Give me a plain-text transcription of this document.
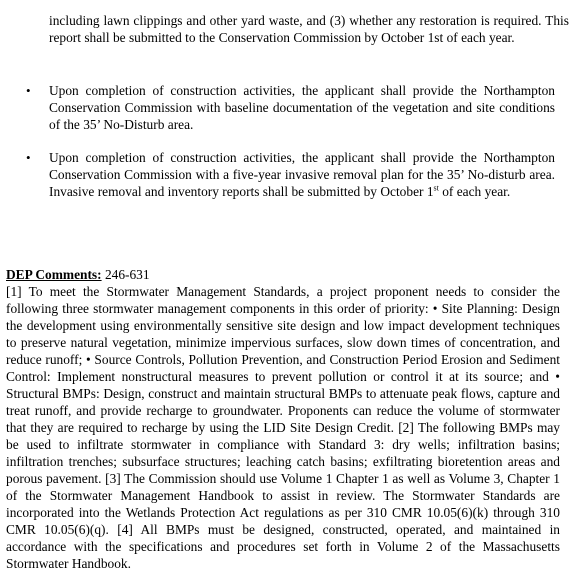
including lawn clippings and other yard waste, and (3) whether any restoration is required. This report shall be submitted to the Conservation Commission by October 1st of each year.

• Upon completion of construction activities, the applicant shall provide the Northampton Conservation Commission with baseline documentation of the vegetation and site conditions of the 35’ No-Disturb area.

• Upon completion of construction activities, the applicant shall provide the Northampton Conservation Commission with a five-year invasive removal plan for the 35’ No-disturb area. Invasive removal and inventory reports shall be submitted by October 1st of each year.

DEP Comments: 246-631

[1] To meet the Stormwater Management Standards, a project proponent needs to consider the following three stormwater management components in this order of priority: • Site Planning: Design the development using environmentally sensitive site design and low impact development techniques to preserve natural vegetation, minimize impervious surfaces, slow down times of concentration, and reduce runoff; • Source Controls, Pollution Prevention, and Construction Period Erosion and Sediment Control: Implement nonstructural measures to prevent pollution or control it at its source; and • Structural BMPs: Design, construct and maintain structural BMPs to attenuate peak flows, capture and treat runoff, and provide recharge to groundwater. Proponents can reduce the volume of stormwater that they are required to recharge by using the LID Site Design Credit. [2] The following BMPs may be used to infiltrate stormwater in compliance with Standard 3: dry wells; infiltration basins; infiltration trenches; subsurface structures; leaching catch basins; exfiltrating bioretention areas and porous pavement. [3] The Commission should use Volume 1 Chapter 1 as well as Volume 3, Chapter 1 of the Stormwater Management Handbook to assist in review. The Stormwater Standards are incorporated into the Wetlands Protection Act regulations as per 310 CMR 10.05(6)(k) through 310 CMR 10.05(6)(q). [4] All BMPs must be designed, constructed, operated, and maintained in accordance with the specifications and procedures set forth in Volume 2 of the Massachusetts Stormwater Handbook.
